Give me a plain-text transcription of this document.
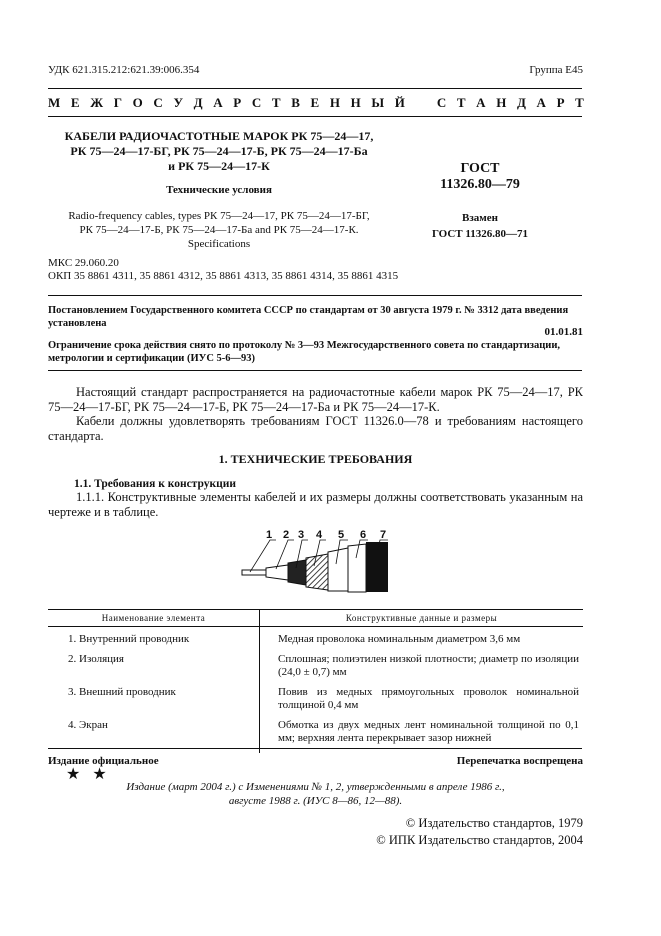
УДК 621.315.212:621.39:006.354	Группа Е45
М Е Ж Г О С У Д А Р С Т В Е Н Н Ы Й С Т А Н Д А Р Т
КАБЕЛИ РАДИОЧАСТОТНЫЕ МАРОК РК 75—24—17,
РК 75—24—17-БГ, РК 75—24—17-Б, РК 75—24—17-Ба
и РК 75—24—17-К
Технические условия
Radio-frequency cables, types РК 75—24—17, РК 75—24—17-БГ,
РК 75—24—17-Б, РК 75—24—17-Ба and РК 75—24—17-К.
Specifications
ГОСТ
11326.80—79
Взамен
ГОСТ 11326.80—71
МКС 29.060.20
ОКП 35 8861 4311, 35 8861 4312, 35 8861 4313, 35 8861 4314, 35 8861 4315
Постановлением Государственного комитета СССР по стандартам от 30 августа 1979 г. № 3312 дата введения установлена
01.01.81
Ограничение срока действия снято по протоколу № 3—93 Межгосударственного совета по стандартизации, метрологии и сертификации (ИУС 5-6—93)
Настоящий стандарт распространяется на радиочастотные кабели марок РК 75—24—17, РК 75—24—17-БГ, РК 75—24—17-Б, РК 75—24—17-Ба и РК 75—24—17-К.
Кабели должны удовлетворять требованиям ГОСТ 11326.0—78 и требованиям настоящего стандарта.
1. ТЕХНИЧЕСКИЕ ТРЕБОВАНИЯ
1.1. Требования к конструкции
1.1.1. Конструктивные элементы кабелей и их размеры должны соответствовать указанным на чертеже и в таблице.
1 2 3 4 5 6 7
Наименование элемента	Конструктивные данные и размеры
1. Внутренний проводник	Медная проволока номинальным диаметром 3,6 мм
2. Изоляция	Сплошная; полиэтилен низкой плотности; диаметр по изоляции (24,0 ± 0,7) мм
3. Внешний проводник	Повив из медных прямоугольных проволок номинальной толщиной 0,4 мм
4. Экран	Обмотка из двух медных лент номинальной толщиной по 0,1 мм; верхняя лента перекрывает зазор нижней
Издание официальное	Перепечатка воспрещена
★ ★
Издание (март 2004 г.) с Изменениями № 1, 2, утвержденными в апреле 1986 г.,
августе 1988 г. (ИУС 8—86, 12—88).
© Издательство стандартов, 1979
© ИПК Издательство стандартов, 2004
